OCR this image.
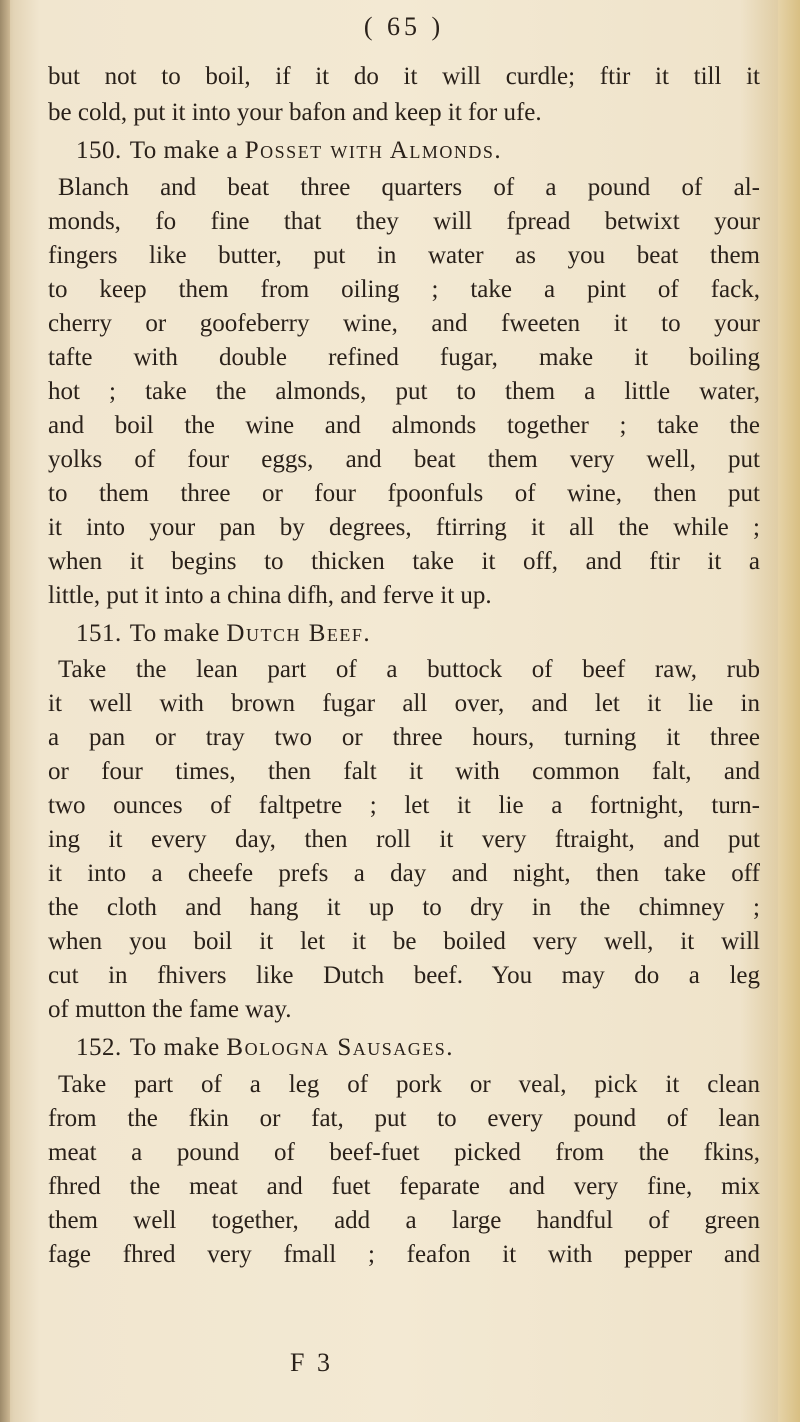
( 65 )
but not to boil, if it do it will curdle; ftir it till it
be cold, put it into your bafon and keep it for ufe.
150. To make a Posset with Almonds.
Blanch and beat three quarters of a pound of al-
monds, fo fine that they will fpread betwixt your
fingers like butter, put in water as you beat them
to keep them from oiling ; take a pint of fack,
cherry or goofeberry wine, and fweeten it to your
tafte with double refined fugar, make it boiling
hot ; take the almonds, put to them a little water,
and boil the wine and almonds together ; take the
yolks of four eggs, and beat them very well, put
to them three or four fpoonfuls of wine, then put
it into your pan by degrees, ftirring it all the while ;
when it begins to thicken take it off, and ftir it a
little, put it into a china difh, and ferve it up.
151. To make Dutch Beef.
Take the lean part of a buttock of beef raw, rub
it well with brown fugar all over, and let it lie in
a pan or tray two or three hours, turning it three
or four times, then falt it with common falt, and
two ounces of faltpetre ; let it lie a fortnight, turn-
ing it every day, then roll it very ftraight, and put
it into a cheefe prefs a day and night, then take off
the cloth and hang it up to dry in the chimney ;
when you boil it let it be boiled very well, it will
cut in fhivers like Dutch beef. You may do a leg
of mutton the fame way.
152. To make Bologna Sausages.
Take part of a leg of pork or veal, pick it clean
from the fkin or fat, put to every pound of lean
meat a pound of beef-fuet picked from the fkins,
fhred the meat and fuet feparate and very fine, mix
them well together, add a large handful of green
fage fhred very fmall ; feafon it with pepper and
F 3
